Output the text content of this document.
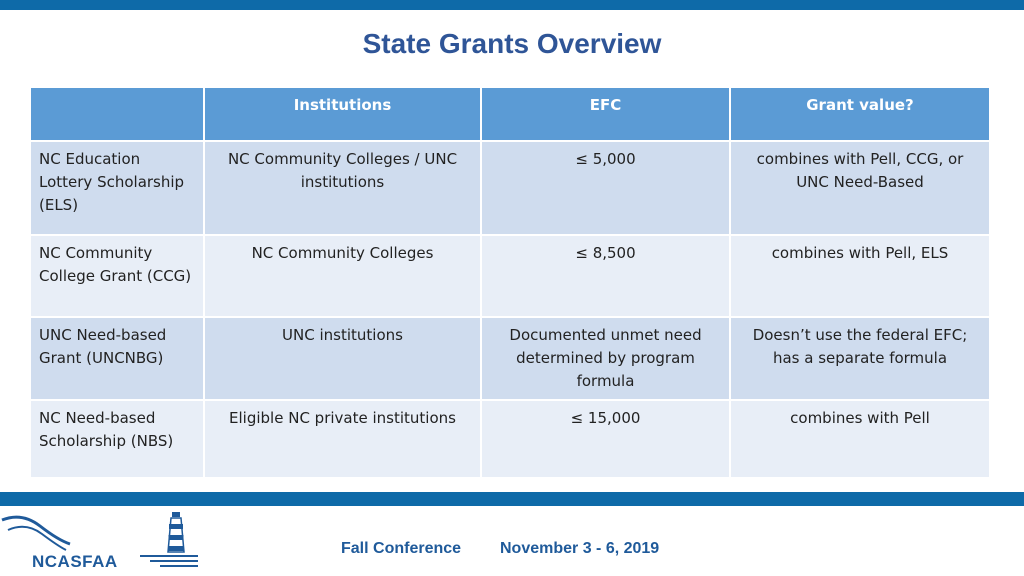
State Grants Overview
	Institutions	EFC	Grant value?
NC Education Lottery Scholarship (ELS)	NC Community Colleges / UNC institutions	≤ 5,000	combines with Pell, CCG, or UNC Need-Based
NC Community College Grant (CCG)	NC Community Colleges	≤ 8,500	combines with Pell, ELS
UNC Need-based Grant (UNCNBG)	UNC institutions	Documented unmet need determined by program formula	Doesn’t use the federal EFC; has a separate formula
NC Need-based Scholarship (NBS)	Eligible NC private institutions	≤ 15,000	combines with Pell
NCASFAA
Fall Conference November 3 - 6, 2019
